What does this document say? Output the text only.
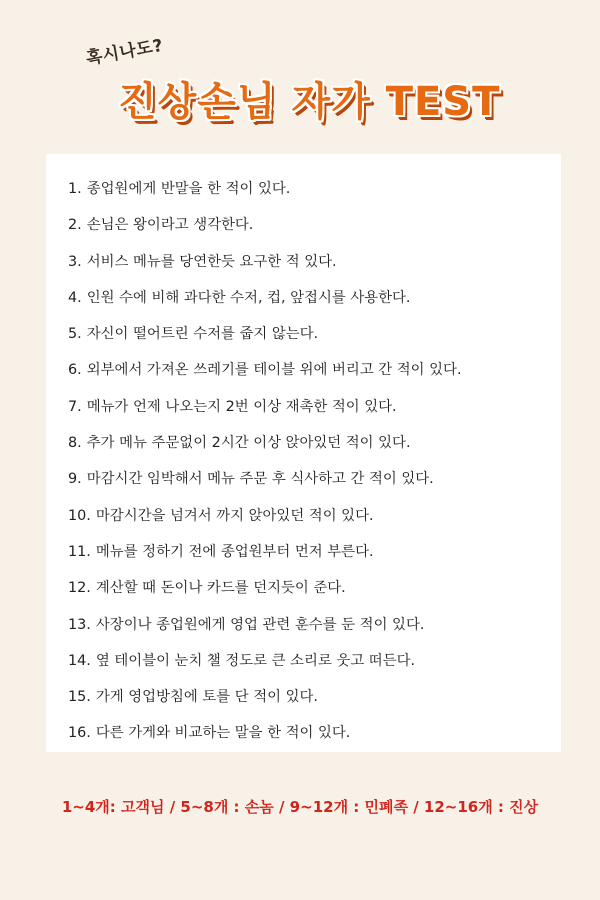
혹시나도?
진상손님 자가 TEST
1. 종업원에게 반말을 한 적이 있다.
2. 손님은 왕이라고 생각한다.
3. 서비스 메뉴를 당연한듯 요구한 적 있다.
4. 인원 수에 비해 과다한 수저, 컵, 앞접시를 사용한다.
5. 자신이 떨어트린 수저를 줍지 않는다.
6. 외부에서 가져온 쓰레기를 테이블 위에 버리고 간 적이 있다.
7. 메뉴가 언제 나오는지 2번 이상 재촉한 적이 있다.
8. 추가 메뉴 주문없이 2시간 이상 앉아있던 적이 있다.
9. 마감시간 임박해서 메뉴 주문 후 식사하고 간 적이 있다.
10. 마감시간을 넘겨서 까지 앉아있던 적이 있다.
11. 메뉴를 정하기 전에 종업원부터 먼저 부른다.
12. 계산할 때 돈이나 카드를 던지듯이 준다.
13. 사장이나 종업원에게 영업 관련 훈수를 둔 적이 있다.
14. 옆 테이블이 눈치 챌 정도로 큰 소리로 웃고 떠든다.
15. 가게 영업방침에 토를 단 적이 있다.
16. 다른 가게와 비교하는 말을 한 적이 있다.
1~4개: 고객님 / 5~8개 : 손놈 / 9~12개 : 민폐족 / 12~16개 : 진상
